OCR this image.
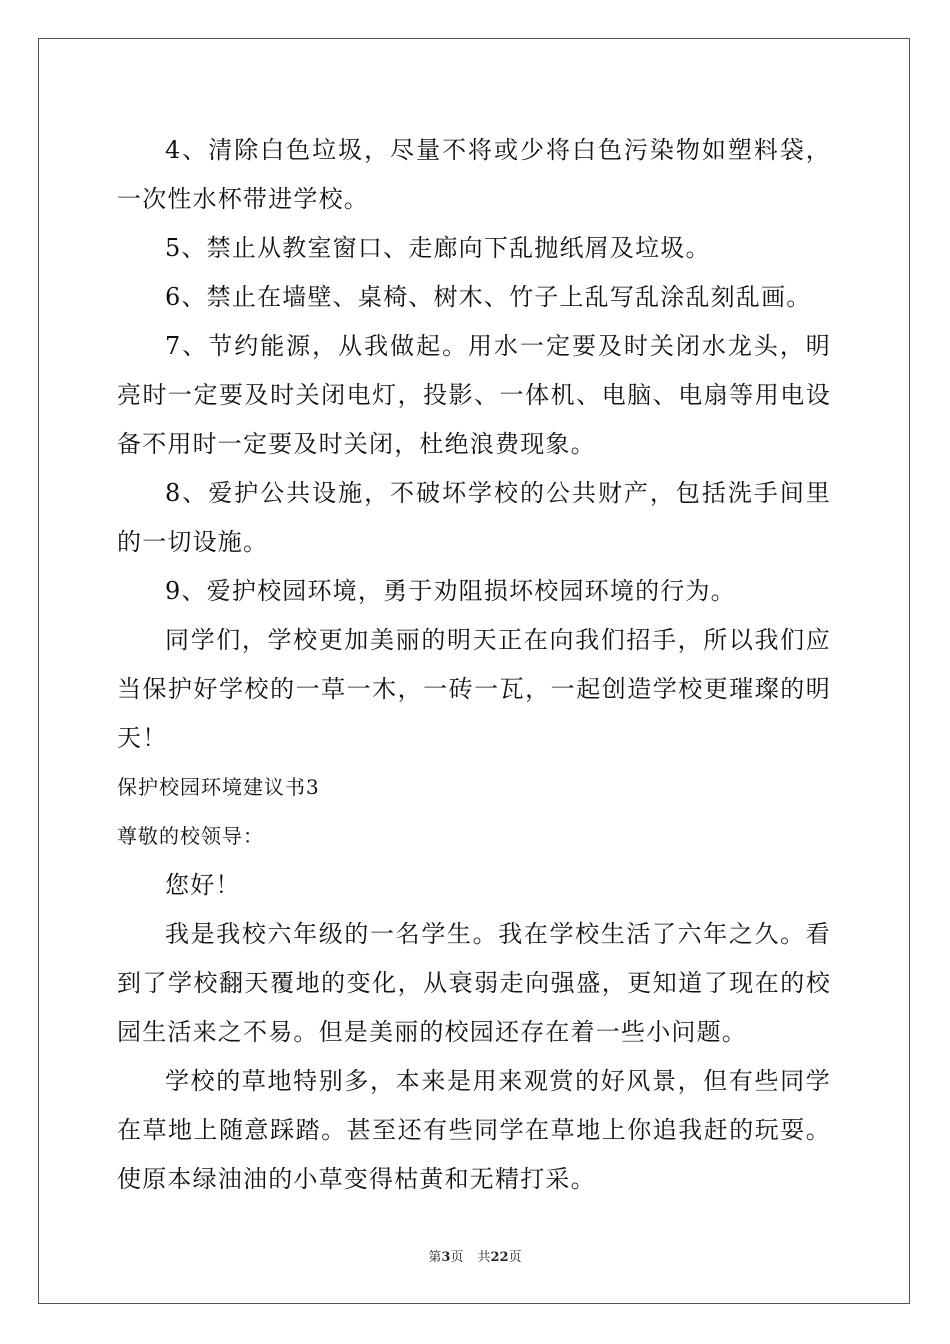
4、清除白色垃圾，尽量不将或少将白色污染物如塑料袋，一次性水杯带进学校。

5、禁止从教室窗口、走廊向下乱抛纸屑及垃圾。

6、禁止在墙壁、桌椅、树木、竹子上乱写乱涂乱刻乱画。

7、节约能源，从我做起。用水一定要及时关闭水龙头，明亮时一定要及时关闭电灯，投影、一体机、电脑、电扇等用电设备不用时一定要及时关闭，杜绝浪费现象。

8、爱护公共设施，不破坏学校的公共财产，包括洗手间里的一切设施。

9、爱护校园环境，勇于劝阻损坏校园环境的行为。

同学们，学校更加美丽的明天正在向我们招手，所以我们应当保护好学校的一草一木，一砖一瓦，一起创造学校更璀璨的明天！

保护校园环境建议书3

尊敬的校领导：

您好！

我是我校六年级的一名学生。我在学校生活了六年之久。看到了学校翻天覆地的变化，从衰弱走向强盛，更知道了现在的校园生活来之不易。但是美丽的校园还存在着一些小问题。

学校的草地特别多，本来是用来观赏的好风景，但有些同学在草地上随意踩踏。甚至还有些同学在草地上你追我赶的玩耍。使原本绿油油的小草变得枯黄和无精打采。

第3页 共22页
